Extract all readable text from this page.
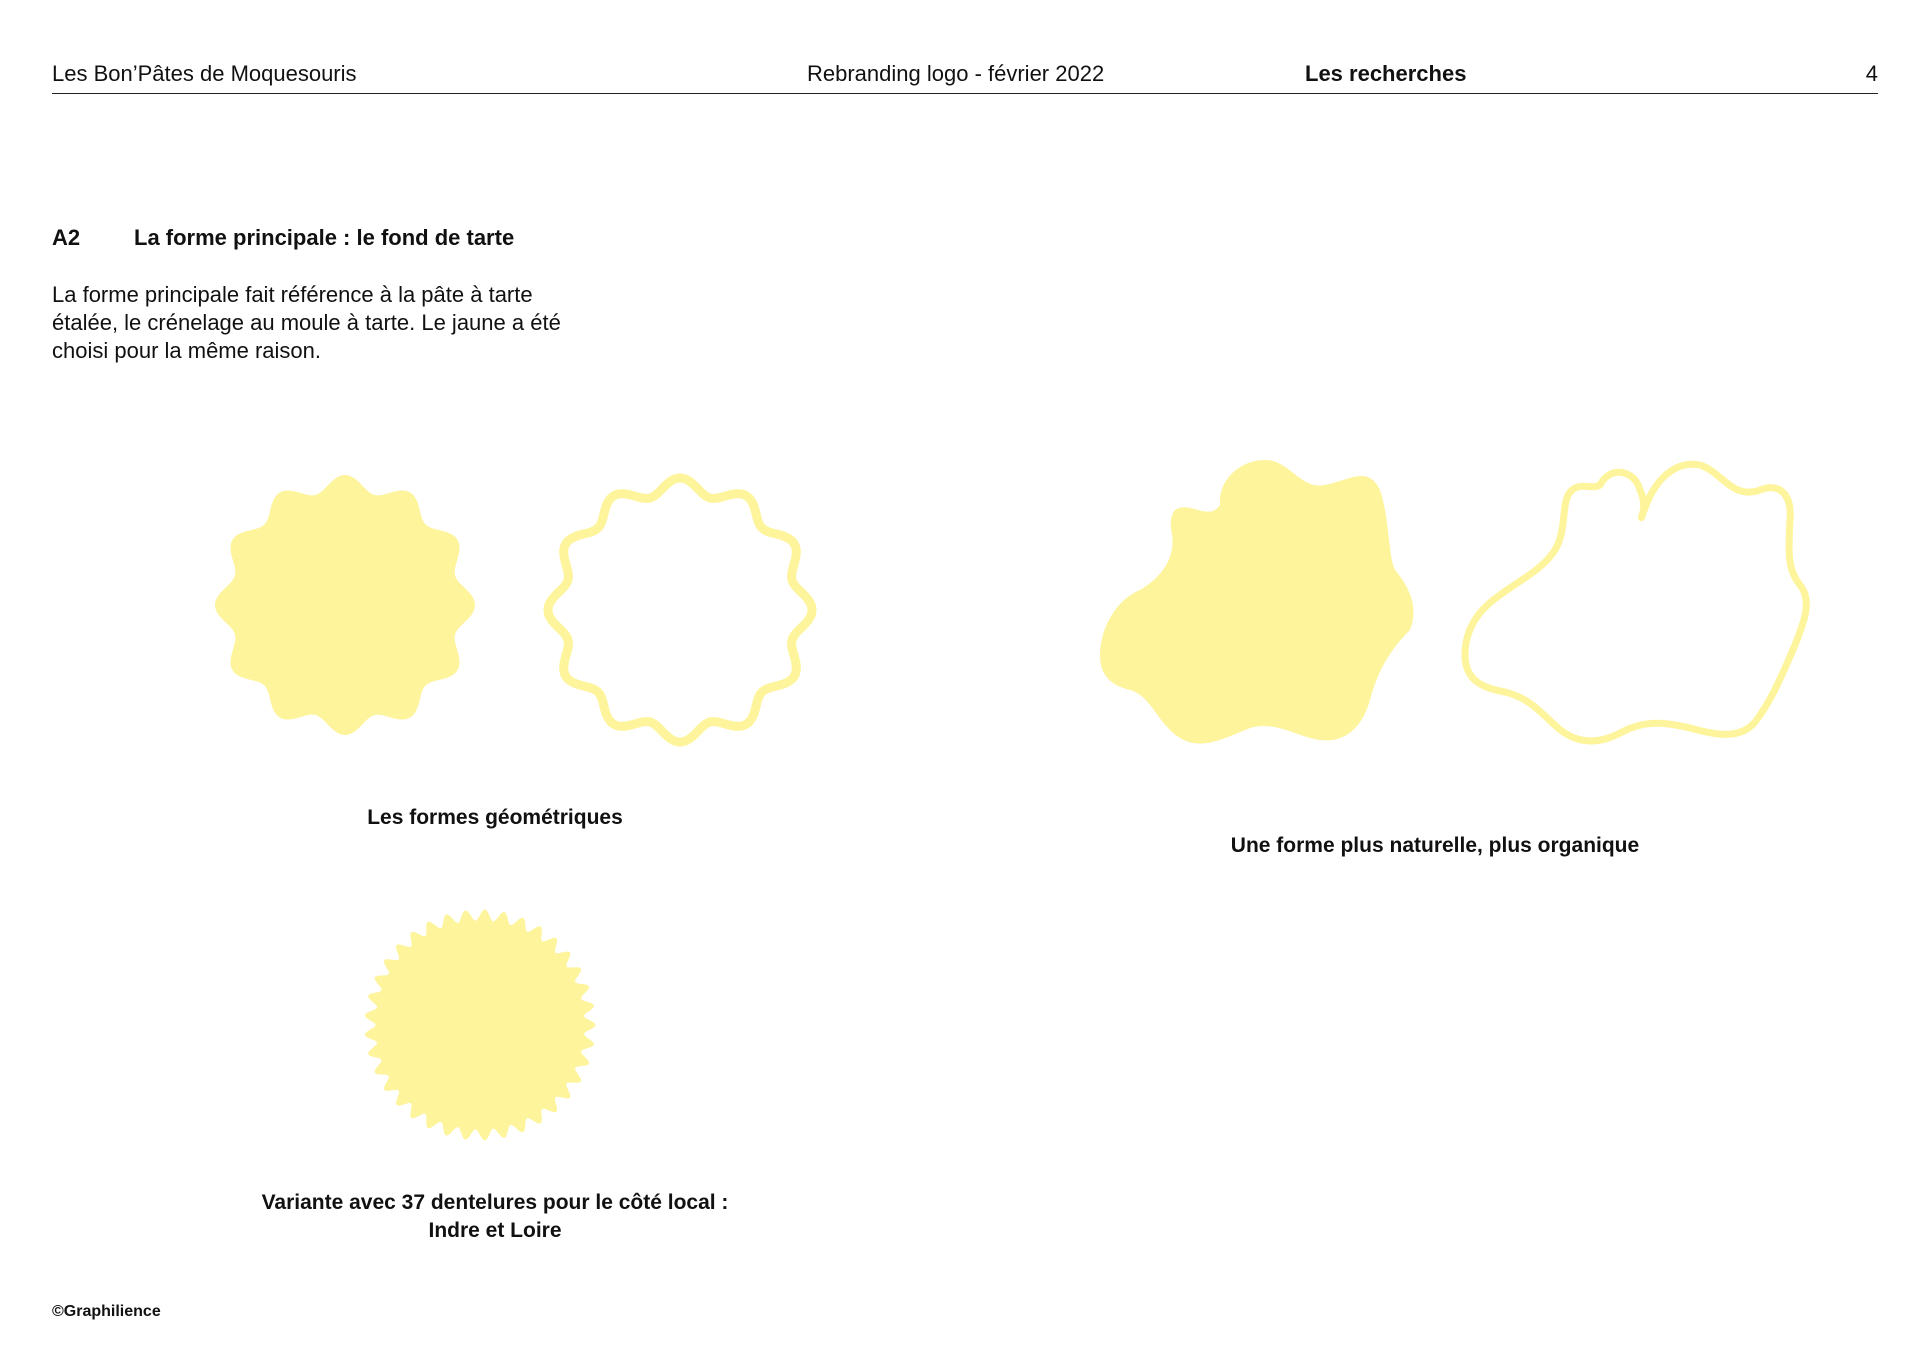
Les Bon’Pâtes de Moquesouris	Rebranding logo - février 2022	Les recherches	4
A2 La forme principale : le fond de tarte
La forme principale fait référence à la pâte à tarte
étalée, le crénelage au moule à tarte. Le jaune a été
choisi pour la même raison.
Les formes géométriques
Une forme plus naturelle, plus organique
Variante avec 37 dentelures pour le côté local :
Indre et Loire
©Graphilience
